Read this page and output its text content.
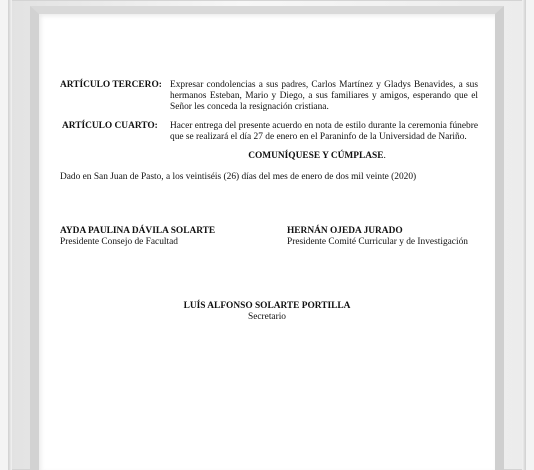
ARTÍCULO TERCERO: Expresar condolencias a sus padres, Carlos Martínez y Gladys Benavides, a sus hermanos Esteban, Mario y Diego, a sus familiares y amigos, esperando que el Señor les conceda la resignación cristiana.
ARTÍCULO CUARTO:	Hacer entrega del presente acuerdo en nota de estilo durante la ceremonia fúnebre que se realizará el día 27 de enero en el Paraninfo de la Universidad de Nariño.
COMUNÍQUESE Y CÚMPLASE.
Dado en San Juan de Pasto, a los veintiséis (26) días del mes de enero de dos mil veinte (2020)
AYDA PAULINA DÁVILA SOLARTE
Presidente Consejo de Facultad
HERNÁN OJEDA JURADO
Presidente Comité Curricular y de Investigación
LUÍS ALFONSO SOLARTE PORTILLA
Secretario
